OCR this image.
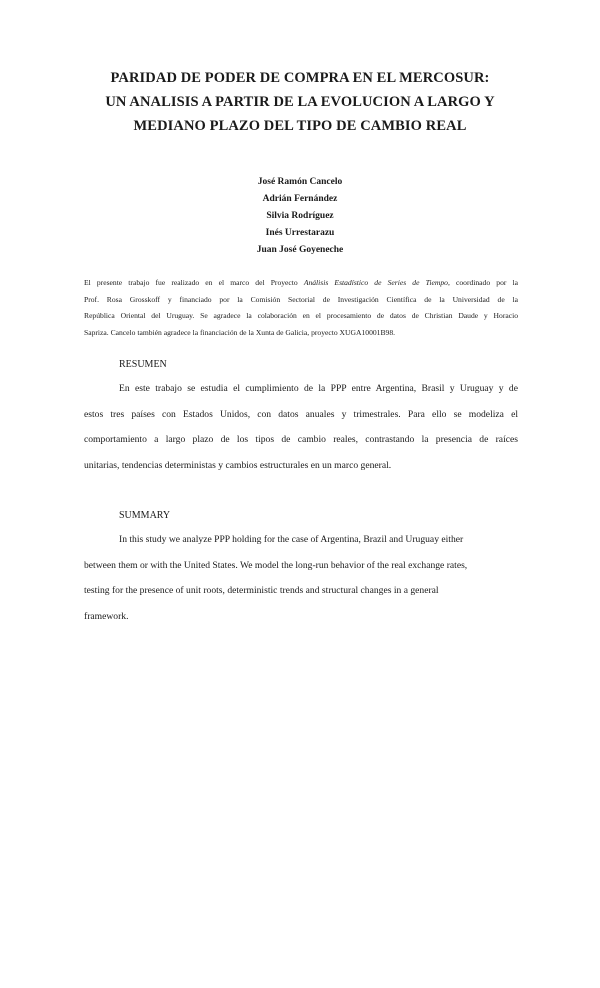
PARIDAD DE PODER DE COMPRA EN EL MERCOSUR:
UN ANALISIS A PARTIR DE LA EVOLUCION A LARGO Y
MEDIANO PLAZO DEL TIPO DE CAMBIO REAL
José Ramón Cancelo
Adrián Fernández
Silvia Rodríguez
Inés Urrestarazu
Juan José Goyeneche
El presente trabajo fue realizado en el marco del Proyecto Análisis Estadístico de Series de Tiempo, coordinado por la
Prof. Rosa Grosskoff y financiado por la Comisión Sectorial de Investigación Científica de la Universidad de la
República Oriental del Uruguay. Se agradece la colaboración en el procesamiento de datos de Christian Daude y Horacio
Sapriza. Cancelo también agradece la financiación de la Xunta de Galicia, proyecto XUGA10001B98.
RESUMEN
En este trabajo se estudia el cumplimiento de la PPP entre Argentina, Brasil y Uruguay y de
estos tres países con Estados Unidos, con datos anuales y trimestrales. Para ello se modeliza el
comportamiento a largo plazo de los tipos de cambio reales, contrastando la presencia de raíces
unitarias, tendencias deterministas y cambios estructurales en un marco general.
SUMMARY
In this study we analyze PPP holding for the case of Argentina, Brazil and Uruguay either
between them or with the United States. We model the long-run behavior of the real exchange rates,
testing for the presence of unit roots, deterministic trends and structural changes in a general
framework.
